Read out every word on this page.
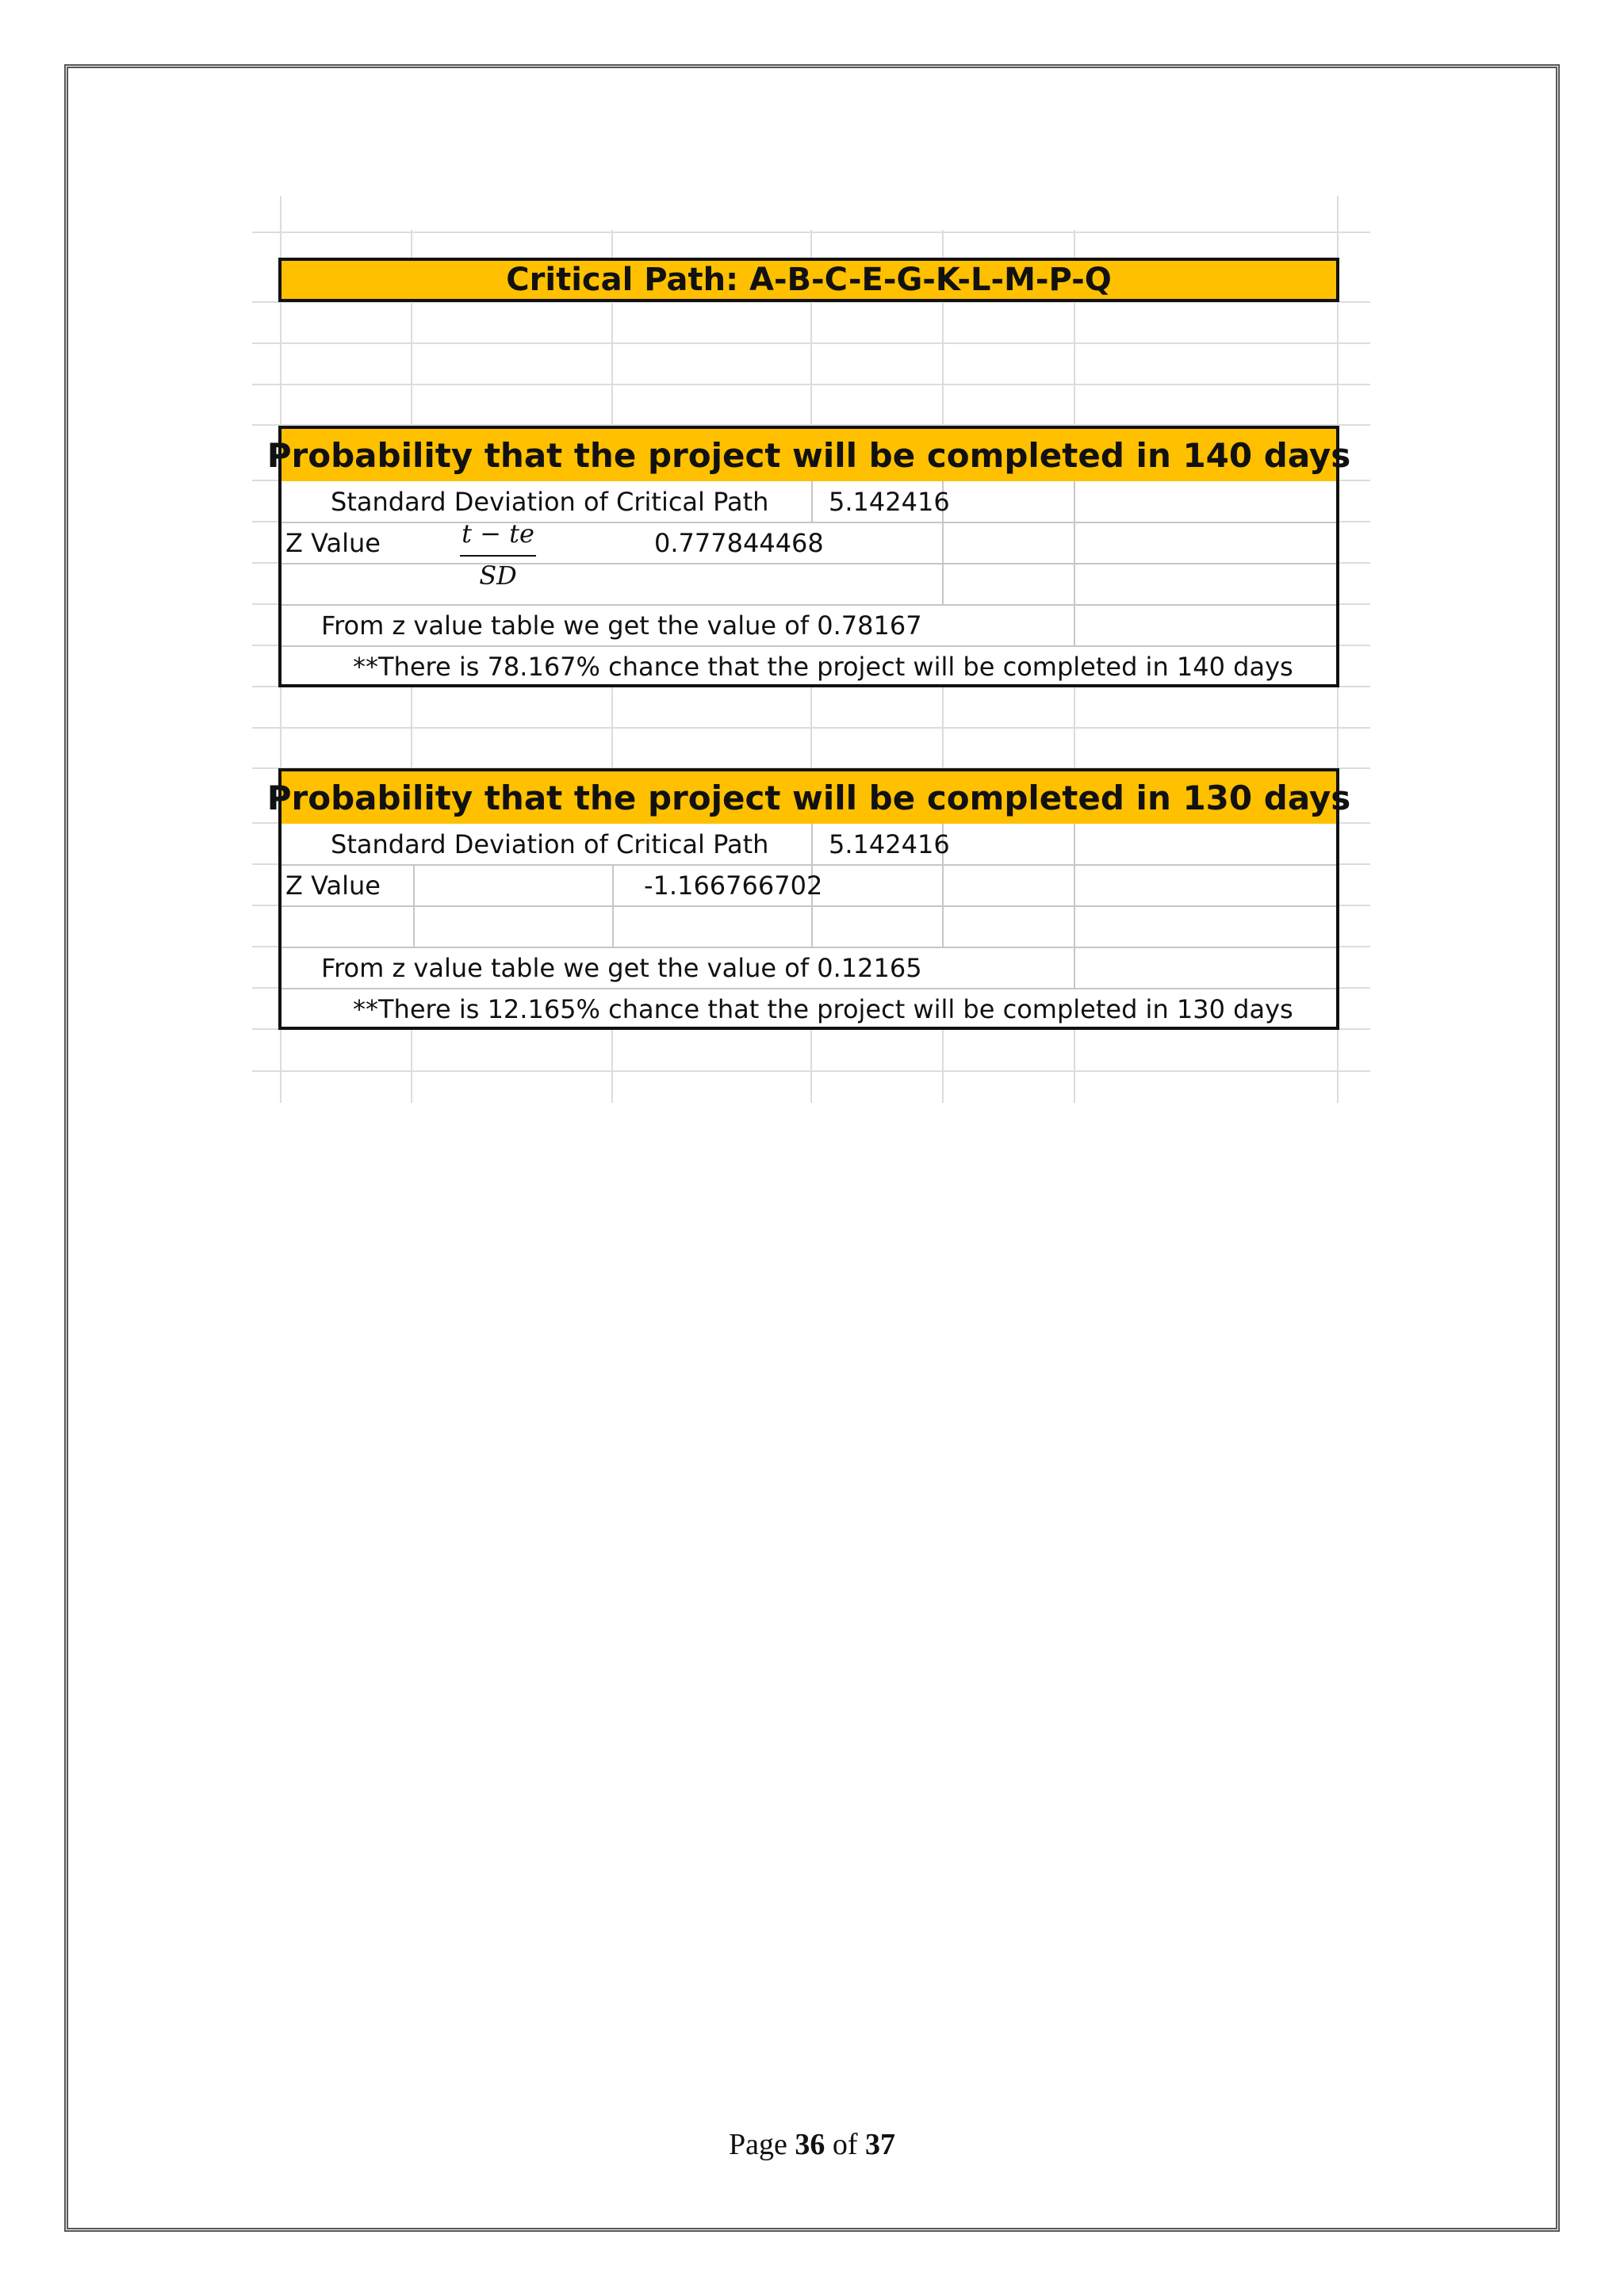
Critical Path: A-B-C-E-G-K-L-M-P-Q
Probability that the project will be completed in 140 days
Standard Deviation of Critical Path 5.142416
Z Value	t − te
SD
0.777844468
From z value table we get the value of 0.78167
**There is 78.167% chance that the project will be completed in 140 days
Probability that the project will be completed in 130 days
Standard Deviation of Critical Path 5.142416
Z Value	-1.166766702
From z value table we get the value of 0.12165
**There is 12.165% chance that the project will be completed in 130 days
Page 36 of 37
